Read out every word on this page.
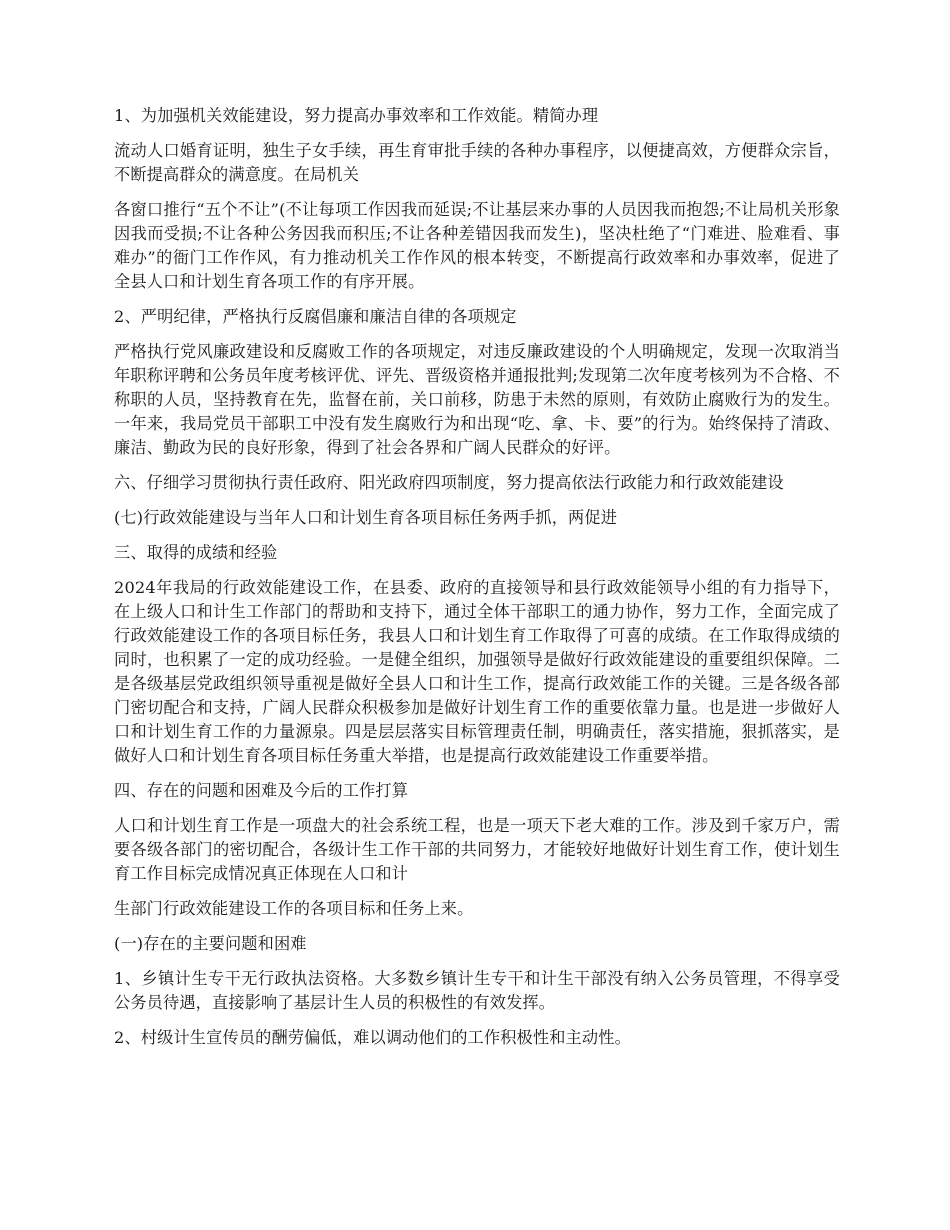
1、为加强机关效能建设，努力提高办事效率和工作效能。精简办理

流动人口婚育证明，独生子女手续，再生育审批手续的各种办事程序，以便捷高效，方便群众宗旨，不断提高群众的满意度。在局机关

各窗口推行“五个不让”(不让每项工作因我而延误;不让基层来办事的人员因我而抱怨;不让局机关形象因我而受损;不让各种公务因我而积压;不让各种差错因我而发生)，坚决杜绝了“门难进、脸难看、事难办”的衙门工作作风，有力推动机关工作作风的根本转变，不断提高行政效率和办事效率，促进了全县人口和计划生育各项工作的有序开展。

2、严明纪律，严格执行反腐倡廉和廉洁自律的各项规定

严格执行党风廉政建设和反腐败工作的各项规定，对违反廉政建设的个人明确规定，发现一次取消当年职称评聘和公务员年度考核评优、评先、晋级资格并通报批判;发现第二次年度考核列为不合格、不称职的人员，坚持教育在先，监督在前，关口前移，防患于未然的原则，有效防止腐败行为的发生。一年来，我局党员干部职工中没有发生腐败行为和出现“吃、拿、卡、要”的行为。始终保持了清政、廉洁、勤政为民的良好形象，得到了社会各界和广阔人民群众的好评。

六、仔细学习贯彻执行责任政府、阳光政府四项制度，努力提高依法行政能力和行政效能建设

(七)行政效能建设与当年人口和计划生育各项目标任务两手抓，两促进

三、取得的成绩和经验

2024年我局的行政效能建设工作，在县委、政府的直接领导和县行政效能领导小组的有力指导下，在上级人口和计生工作部门的帮助和支持下，通过全体干部职工的通力协作，努力工作，全面完成了行政效能建设工作的各项目标任务，我县人口和计划生育工作取得了可喜的成绩。在工作取得成绩的同时，也积累了一定的成功经验。一是健全组织，加强领导是做好行政效能建设的重要组织保障。二是各级基层党政组织领导重视是做好全县人口和计生工作，提高行政效能工作的关键。三是各级各部门密切配合和支持，广阔人民群众积极参加是做好计划生育工作的重要依靠力量。也是进一步做好人口和计划生育工作的力量源泉。四是层层落实目标管理责任制，明确责任，落实措施，狠抓落实，是做好人口和计划生育各项目标任务重大举措，也是提高行政效能建设工作重要举措。

四、存在的问题和困难及今后的工作打算

人口和计划生育工作是一项盘大的社会系统工程，也是一项天下老大难的工作。涉及到千家万户，需要各级各部门的密切配合，各级计生工作干部的共同努力，才能较好地做好计划生育工作，使计划生育工作目标完成情况真正体现在人口和计

生部门行政效能建设工作的各项目标和任务上来。

(一)存在的主要问题和困难

1、乡镇计生专干无行政执法资格。大多数乡镇计生专干和计生干部没有纳入公务员管理，不得享受公务员待遇，直接影响了基层计生人员的积极性的有效发挥。

2、村级计生宣传员的酬劳偏低，难以调动他们的工作积极性和主动性。
